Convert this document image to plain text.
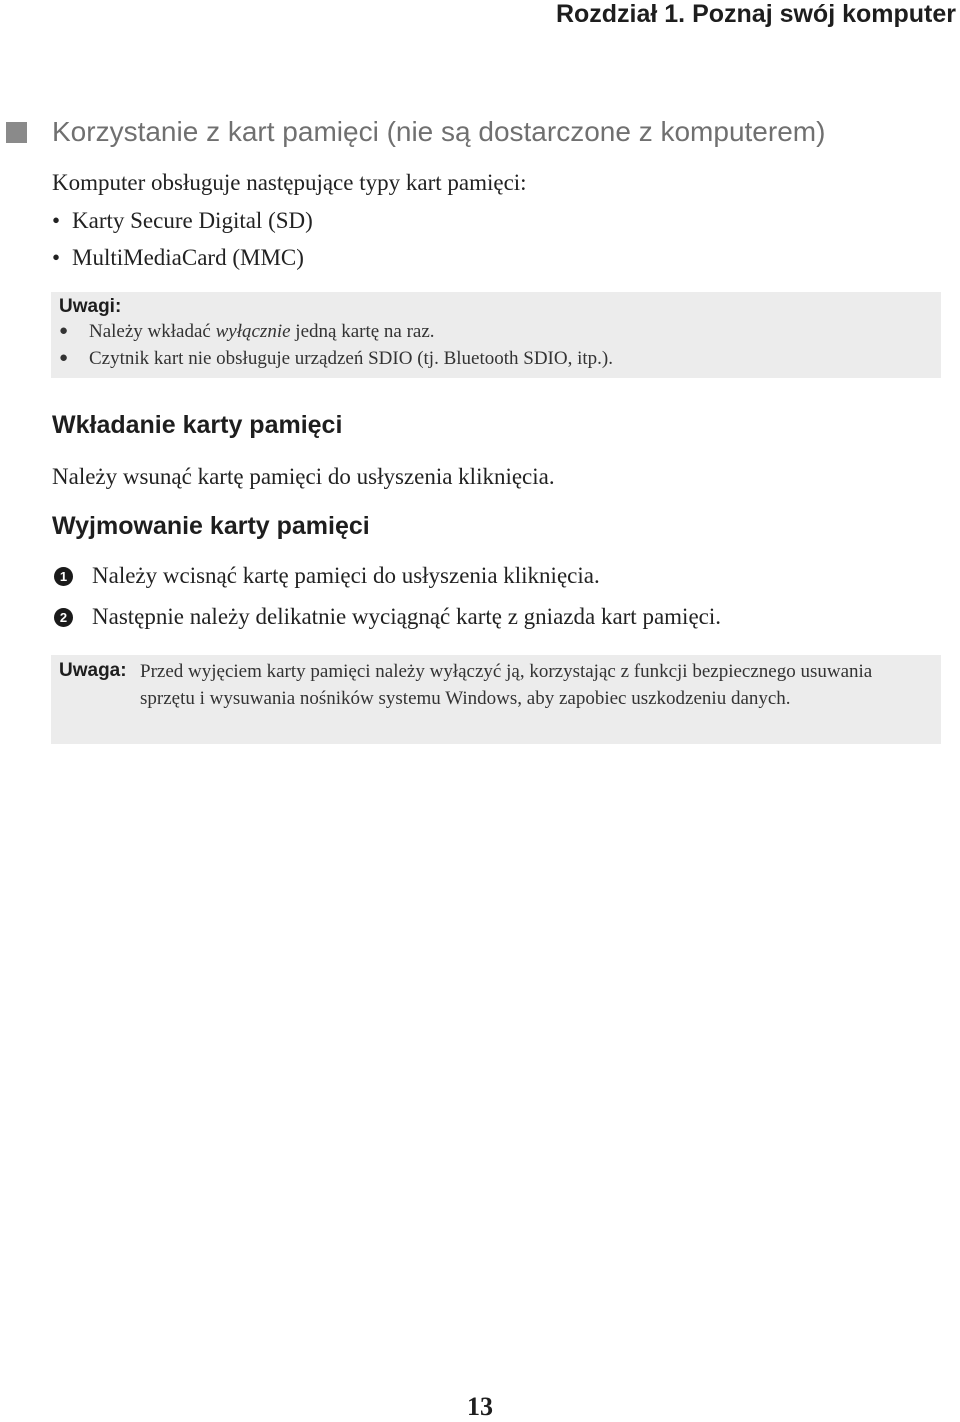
Rozdział 1. Poznaj swój komputer
Korzystanie z kart pamięci (nie są dostarczone z komputerem)
Komputer obsługuje następujące typy kart pamięci:
• Karty Secure Digital (SD)
• MultiMediaCard (MMC)
Uwagi:
● Należy wkładać wyłącznie jedną kartę na raz.
● Czytnik kart nie obsługuje urządzeń SDIO (tj. Bluetooth SDIO, itp.).
Wkładanie karty pamięci
Należy wsunąć kartę pamięci do usłyszenia kliknięcia.
Wyjmowanie karty pamięci
1 Należy wcisnąć kartę pamięci do usłyszenia kliknięcia.
2 Następnie należy delikatnie wyciągnąć kartę z gniazda kart pamięci.
Uwaga: Przed wyjęciem karty pamięci należy wyłączyć ją, korzystając z funkcji bezpiecznego usuwania sprzętu i wysuwania nośników systemu Windows, aby zapobiec uszkodzeniu danych.
13
